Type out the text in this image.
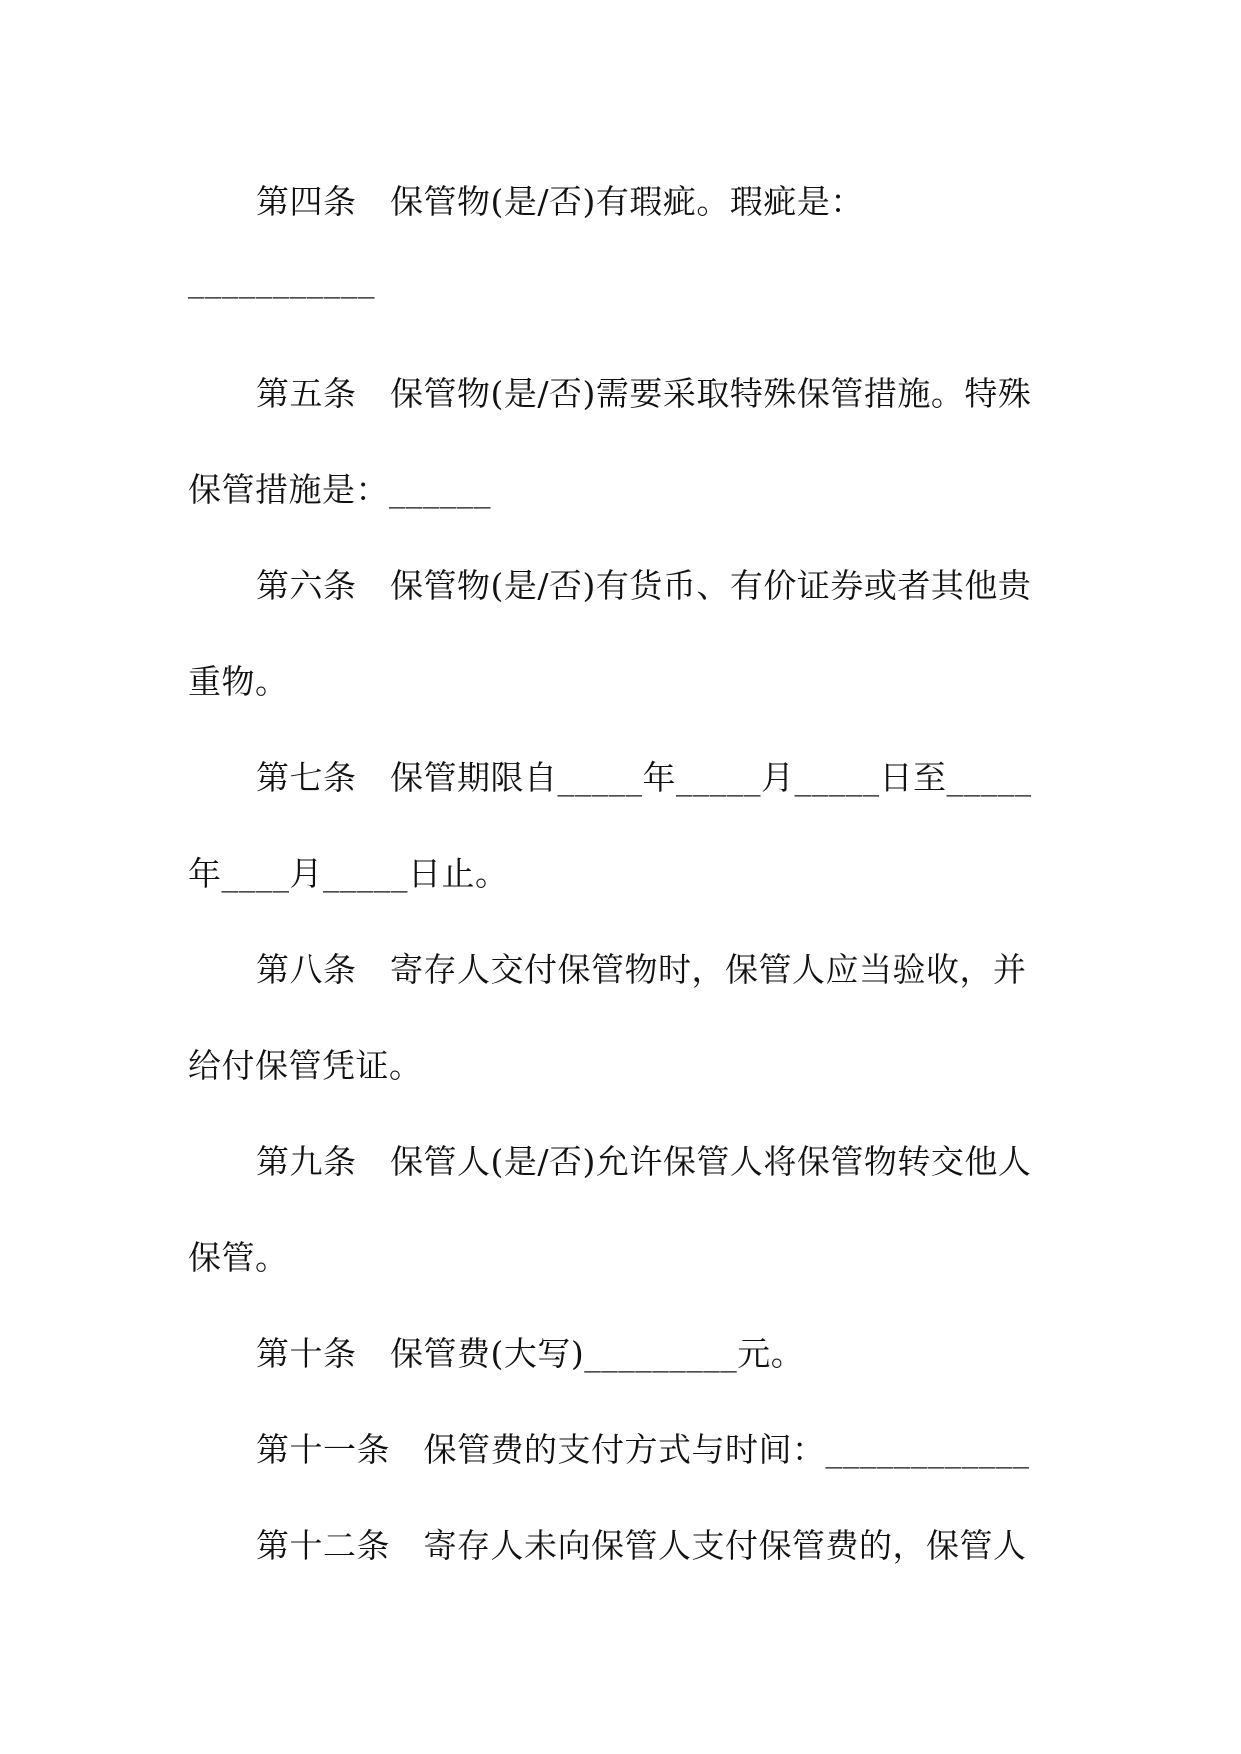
第四条　保管物(是/否)有瑕疵。瑕疵是：
___________
第五条　保管物(是/否)需要采取特殊保管措施。特殊
保管措施是：______
第六条　保管物(是/否)有货币、有价证券或者其他贵
重物。
第七条　保管期限自_____年_____月_____日至_____
年____月_____日止。
第八条　寄存人交付保管物时，保管人应当验收，并
给付保管凭证。
第九条　保管人(是/否)允许保管人将保管物转交他人
保管。
第十条　保管费(大写)_________元。
第十一条　保管费的支付方式与时间：____________
第十二条　寄存人未向保管人支付保管费的，保管人
